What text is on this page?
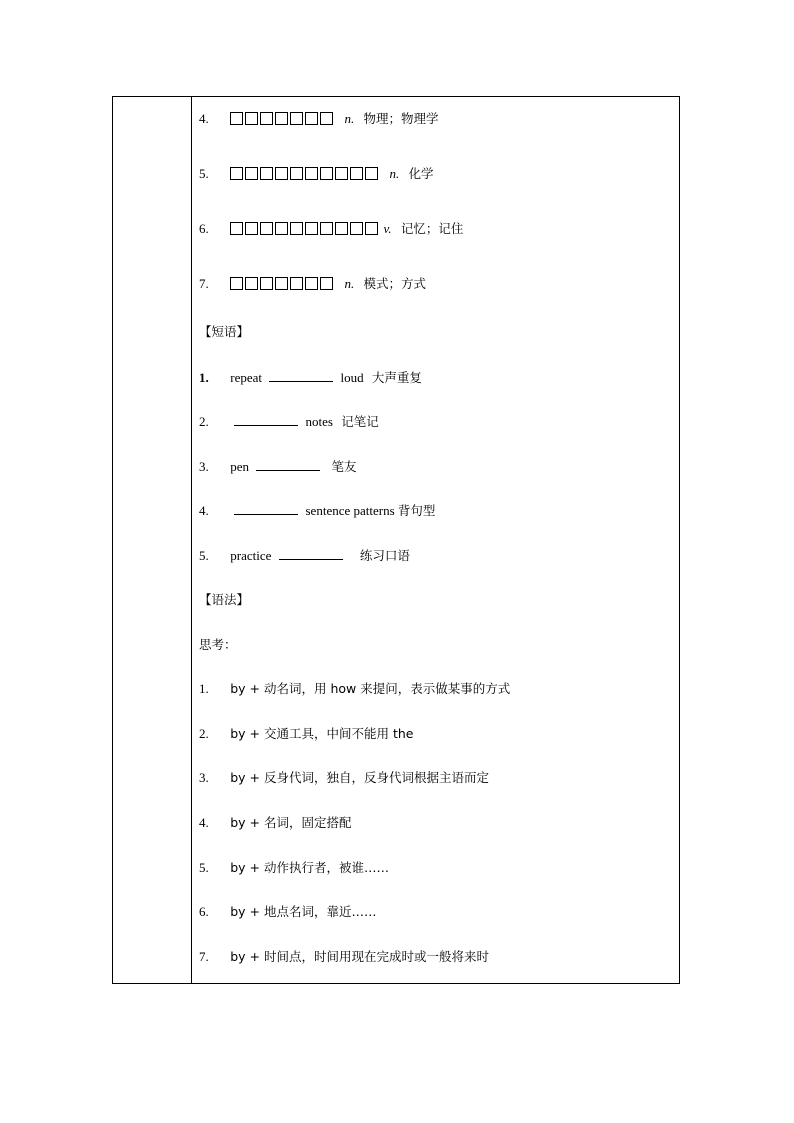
4.	n. 物理；物理学
5.	n. 化学
6.	v. 记忆；记住
7.	n. 模式；方式
【短语】
1. repeat	loud 大声重复
2.	notes 记笔记
3. pen	笔友
4.	sentence patterns 背句型
5. practice	练习口语
【语法】
思考：
1. by + 动名词，用 how 来提问，表示做某事的方式
2. by + 交通工具，中间不能用 the
3. by + 反身代词，独自，反身代词根据主语而定
4. by + 名词，固定搭配
5. by + 动作执行者，被谁……
6. by + 地点名词，靠近……
7. by + 时间点，时间用现在完成时或一般将来时
